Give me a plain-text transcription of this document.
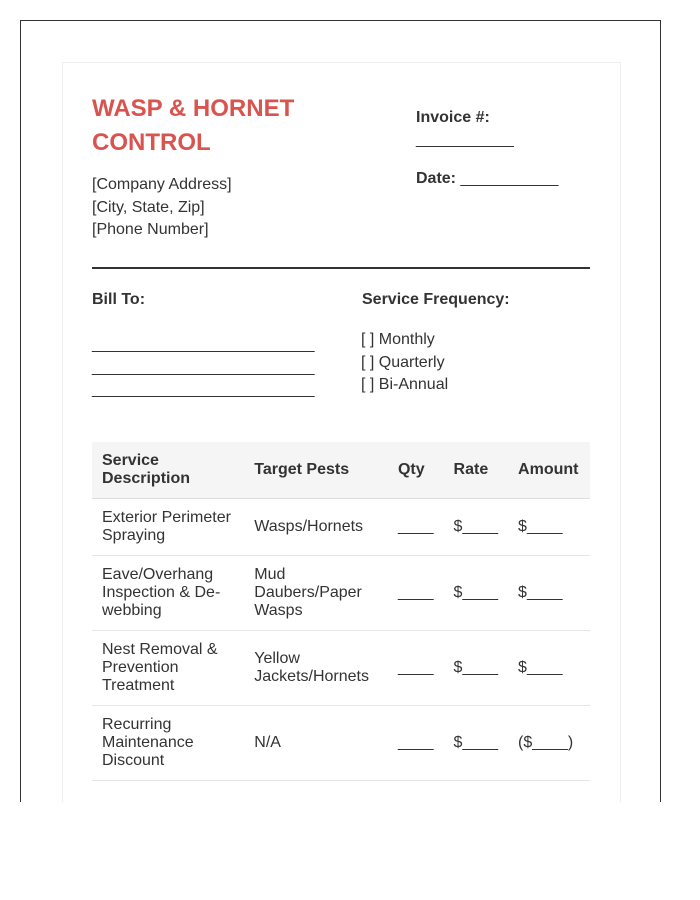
WASP & HORNET CONTROL
[Company Address]
[City, State, Zip]
[Phone Number]
Invoice #:
___________
Date: ___________
Bill To:
_________________________
_________________________
_________________________
Service Frequency:
[ ] Monthly
[ ] Quarterly
[ ] Bi-Annual
Service Description	Target Pests	Qty	Rate	Amount
Exterior Perimeter Spraying	Wasps/Hornets	____	$____	$____
Eave/Overhang Inspection & De-webbing	Mud Daubers/Paper Wasps	____	$____	$____
Nest Removal & Prevention Treatment	Yellow Jackets/Hornets	____	$____	$____
Recurring Maintenance Discount	N/A	____	$____	($____)
